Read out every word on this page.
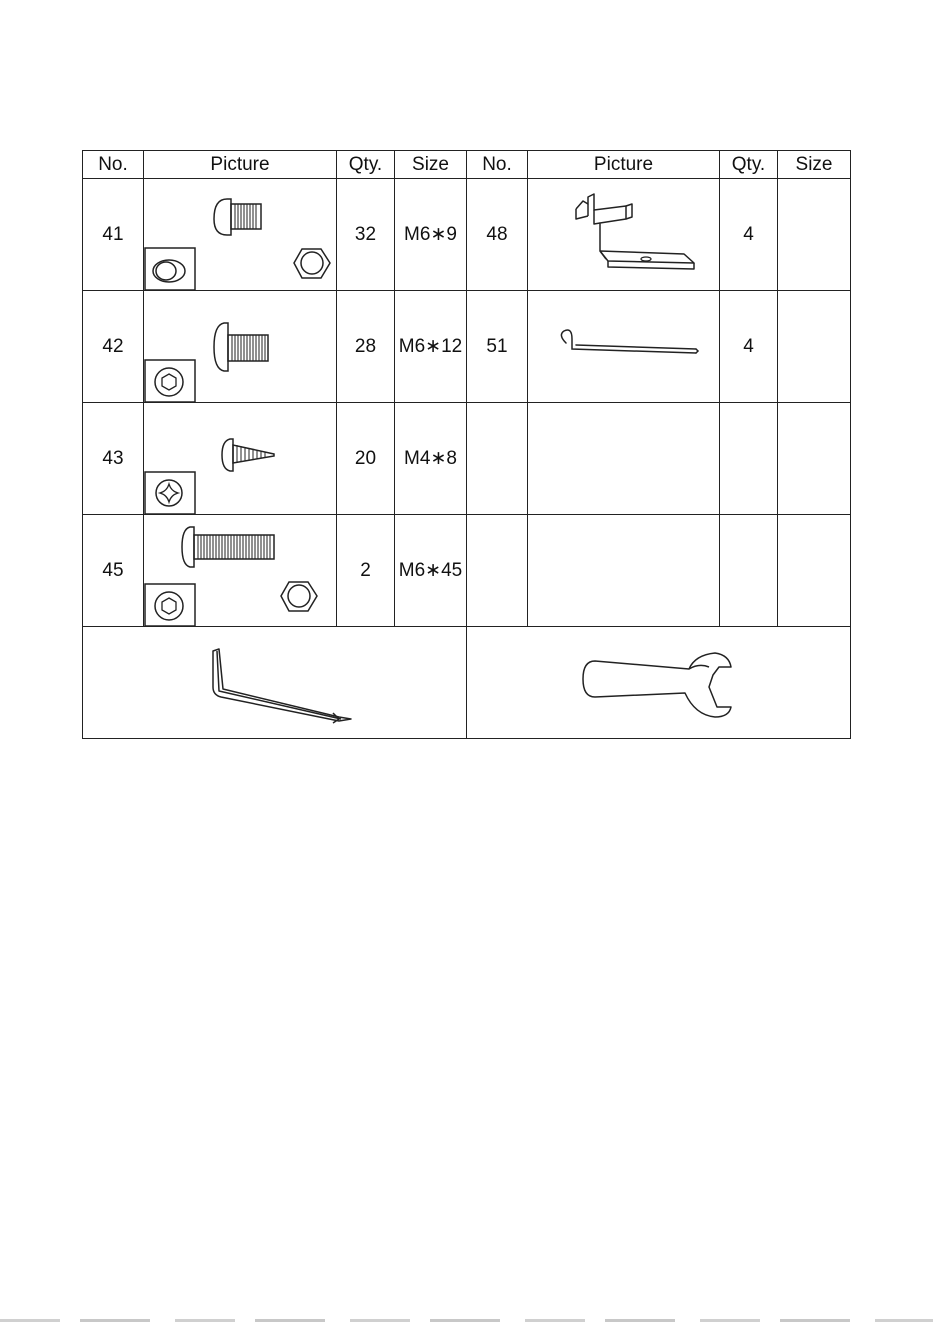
No.	Picture	Qty.	Size	No.	Picture	Qty.	Size
41		32	M6∗9	48		4	
42		28	M6∗12	51		4	
43		20	M4∗8				
45		2	M6∗45				
